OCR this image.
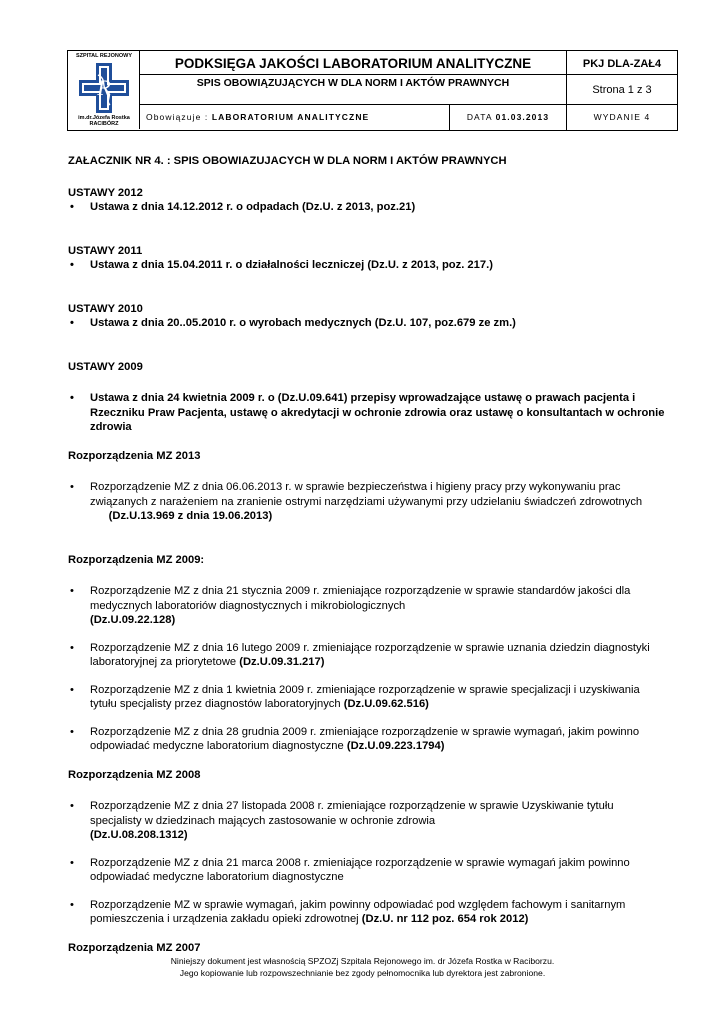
SZPITAL REJONOWY
R
im.dr.Józefa Rostka
RACIBÓRZ
PODKSIĘGA JAKOŚCI LABORATORIUM ANALITYCZNE
SPIS OBOWIĄZUJĄCYCH W DLA NORM I AKTÓW PRAWNYCH
PKJ DLA-ZAŁ4
Strona 1 z 3
Obowiązuje : LABORATORIUM ANALITYCZNE	DATA 01.03.2013	WYDANIE 4
ZAŁACZNIK NR 4. : SPIS OBOWIAZUJACYCH W DLA NORM I AKTÓW PRAWNYCH
USTAWY 2012
• Ustawa z dnia 14.12.2012 r. o odpadach (Dz.U. z 2013, poz.21)
USTAWY 2011
• Ustawa z dnia 15.04.2011 r. o działalności leczniczej (Dz.U. z 2013, poz. 217.)
USTAWY 2010
• Ustawa z dnia 20..05.2010 r. o wyrobach medycznych (Dz.U. 107, poz.679 ze zm.)
USTAWY 2009
• Ustawa z dnia 24 kwietnia 2009 r. o (Dz.U.09.641) przepisy wprowadzające ustawę o prawach pacjenta i Rzeczniku Praw Pacjenta, ustawę o akredytacji w ochronie zdrowia oraz ustawę o konsultantach w ochronie zdrowia
Rozporządzenia MZ 2013
• Rozporządzenie MZ z dnia 06.06.2013 r. w sprawie bezpieczeństwa i higieny pracy przy wykonywaniu prac związanych z narażeniem na zranienie ostrymi narzędziami używanymi przy udzielaniu świadczeń zdrowotnych      (Dz.U.13.969 z dnia 19.06.2013)
Rozporządzenia MZ 2009:
• Rozporządzenie MZ z dnia 21 stycznia 2009 r. zmieniające rozporządzenie w sprawie standardów jakości dla medycznych laboratoriów diagnostycznych i mikrobiologicznych
(Dz.U.09.22.128)
• Rozporządzenie MZ z dnia 16 lutego 2009 r. zmieniające rozporządzenie w sprawie uznania dziedzin diagnostyki laboratoryjnej za priorytetowe (Dz.U.09.31.217)
• Rozporządzenie MZ z dnia 1 kwietnia 2009 r. zmieniające rozporządzenie w sprawie specjalizacji i uzyskiwania tytułu specjalisty przez diagnostów laboratoryjnych (Dz.U.09.62.516)
• Rozporządzenie MZ z dnia 28 grudnia 2009 r. zmieniające rozporządzenie w sprawie wymagań, jakim powinno odpowiadać medyczne laboratorium diagnostyczne (Dz.U.09.223.1794)
Rozporządzenia MZ 2008
• Rozporządzenie MZ z dnia 27 listopada 2008 r. zmieniające rozporządzenie w sprawie Uzyskiwanie tytułu specjalisty w dziedzinach mających zastosowanie w ochronie zdrowia
(Dz.U.08.208.1312)
• Rozporządzenie MZ z dnia 21 marca 2008 r. zmieniające rozporządzenie w sprawie wymagań jakim powinno odpowiadać medyczne laboratorium diagnostyczne
• Rozporządzenie MZ w sprawie wymagań, jakim powinny odpowiadać pod względem fachowym i sanitarnym pomieszczenia i urządzenia zakładu opieki zdrowotnej (Dz.U. nr 112 poz. 654 rok 2012)
Rozporządzenia MZ 2007
Niniejszy dokument jest własnością SPZOZj Szpitala Rejonowego im. dr Józefa Rostka w Raciborzu.
Jego kopiowanie lub rozpowszechnianie bez zgody pełnomocnika lub dyrektora jest zabronione.
